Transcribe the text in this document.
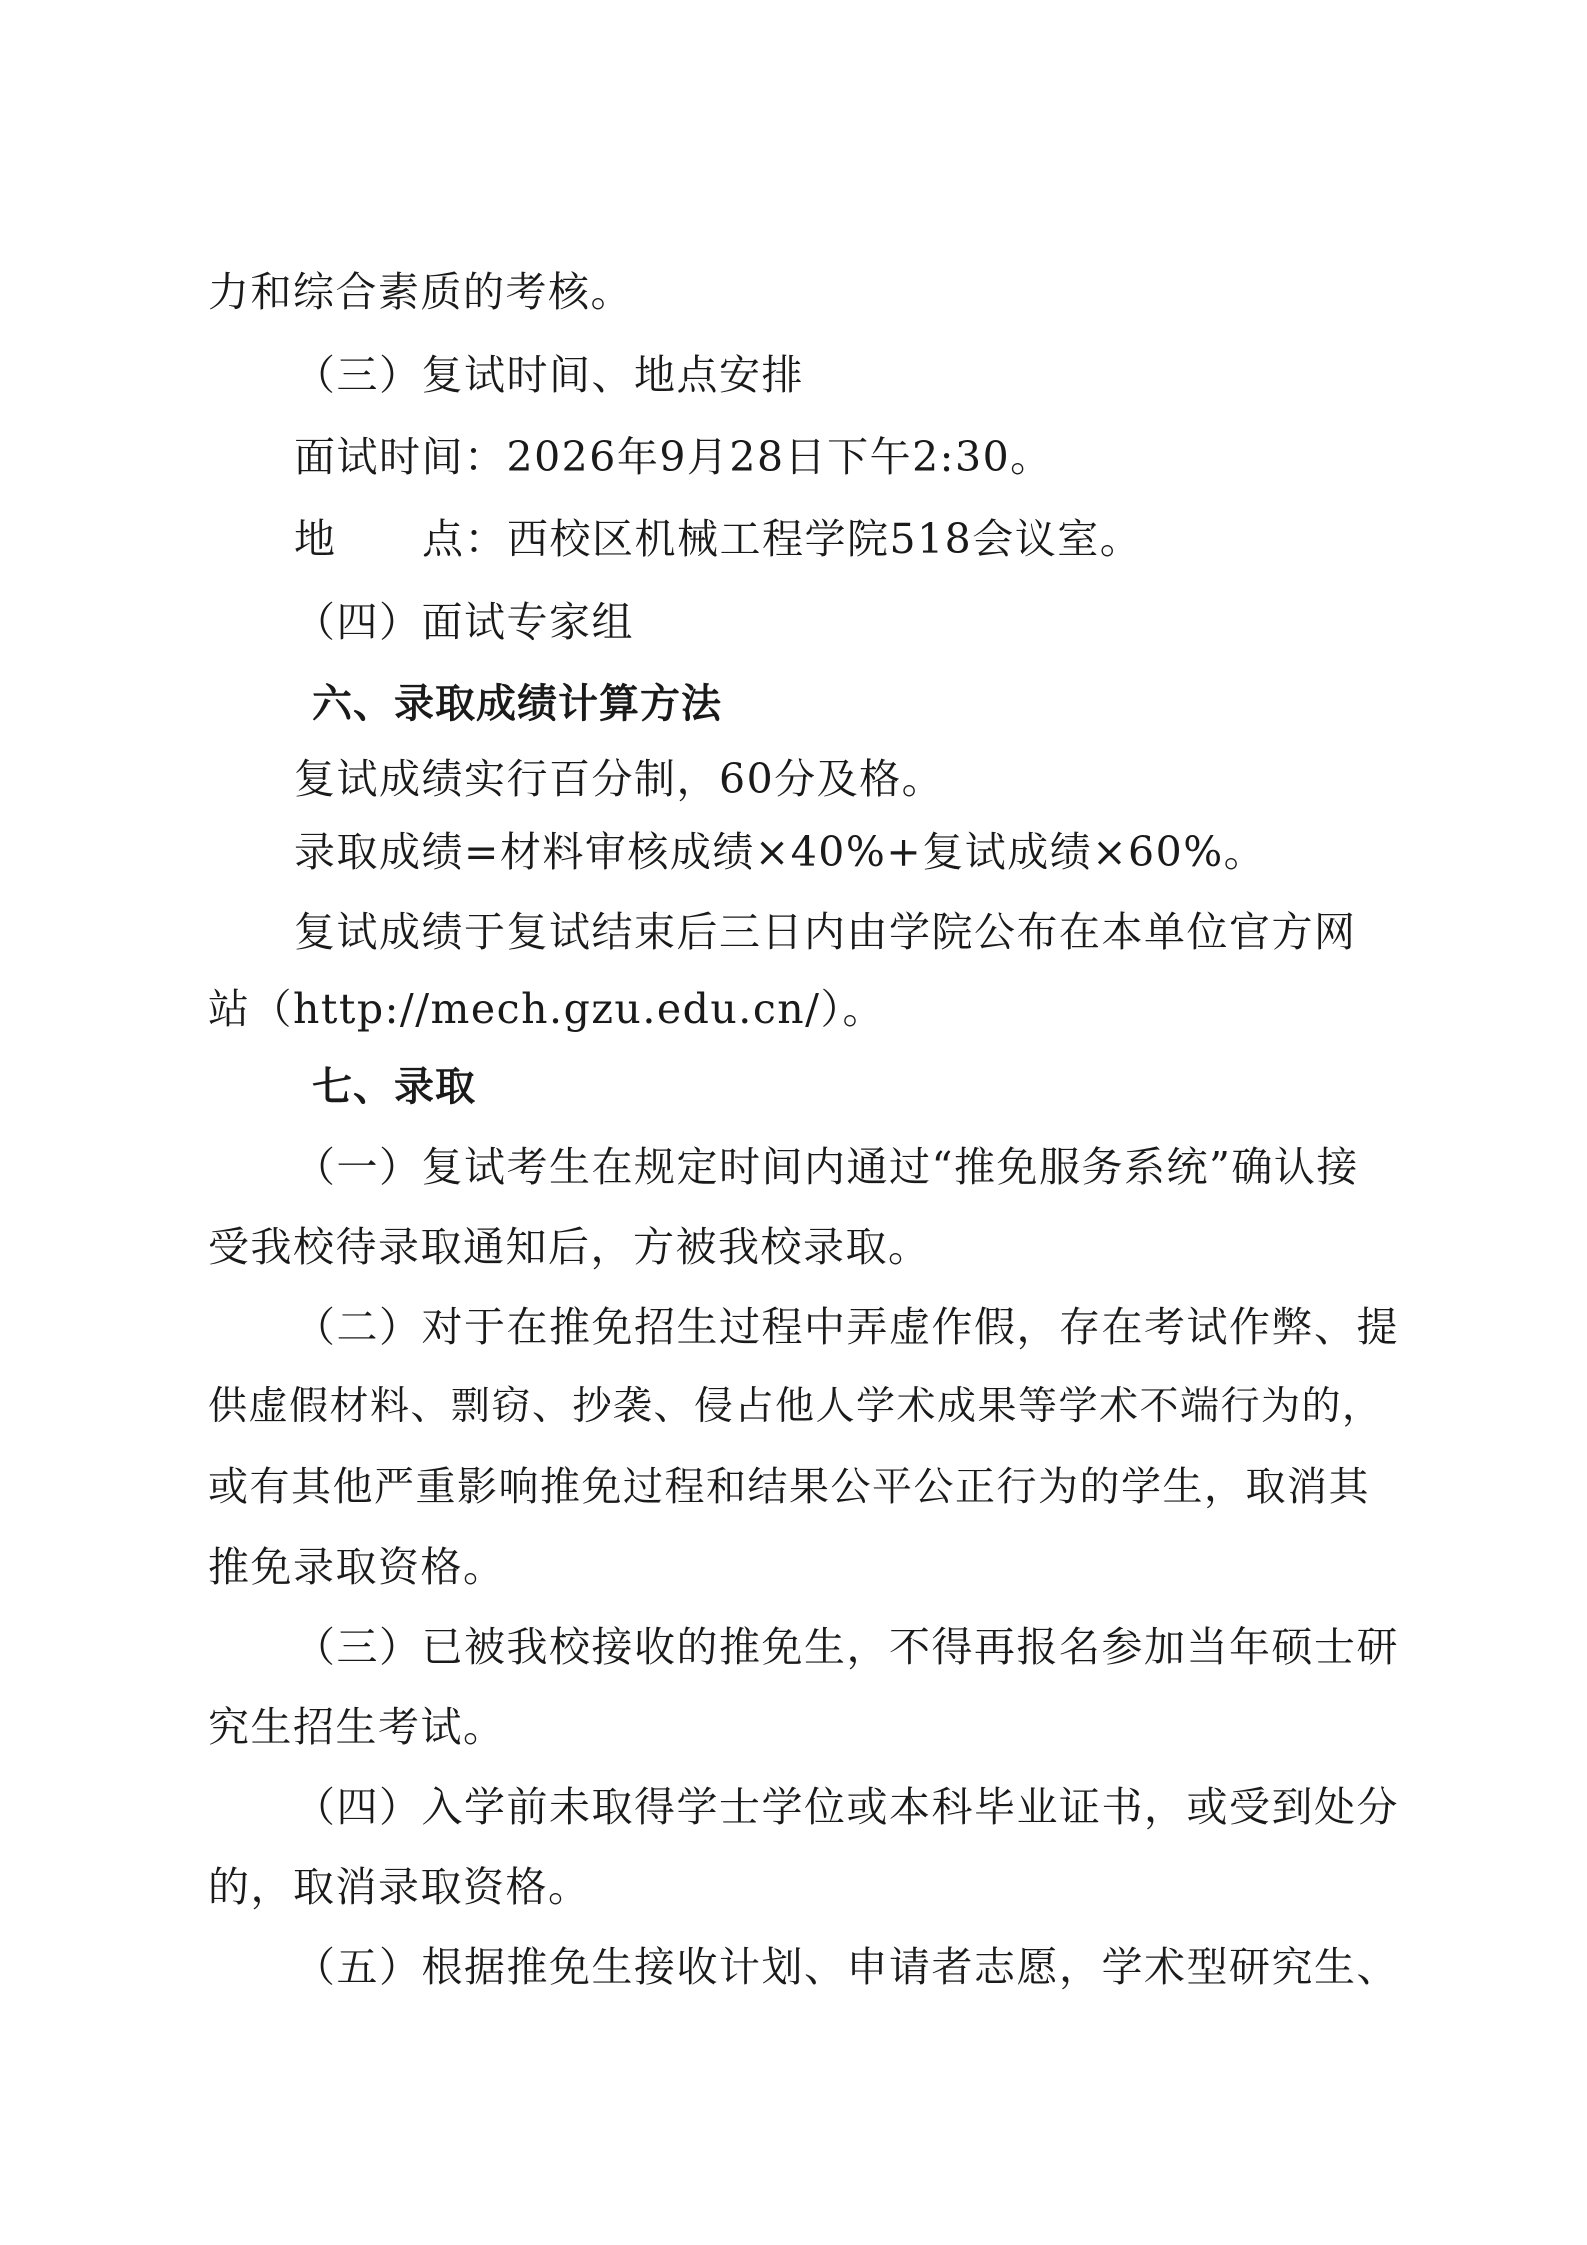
力和综合素质的考核。
（三）复试时间、地点安排
面试时间：2026年9月28日下午2:30。
地 点：西校区机械工程学院518会议室。
（四）面试专家组
六、录取成绩计算方法
复试成绩实行百分制，60分及格。
录取成绩=材料审核成绩×40%+复试成绩×60%。
复试成绩于复试结束后三日内由学院公布在本单位官方网
站（http://mech.gzu.edu.cn/）。
七、录取
（一）复试考生在规定时间内通过“推免服务系统”确认接
受我校待录取通知后，方被我校录取。
（二）对于在推免招生过程中弄虚作假，存在考试作弊、提
供虚假材料、剽窃、抄袭、侵占他人学术成果等学术不端行为的，
或有其他严重影响推免过程和结果公平公正行为的学生，取消其
推免录取资格。
（三）已被我校接收的推免生，不得再报名参加当年硕士研
究生招生考试。
（四）入学前未取得学士学位或本科毕业证书，或受到处分
的，取消录取资格。
（五）根据推免生接收计划、申请者志愿，学术型研究生、
